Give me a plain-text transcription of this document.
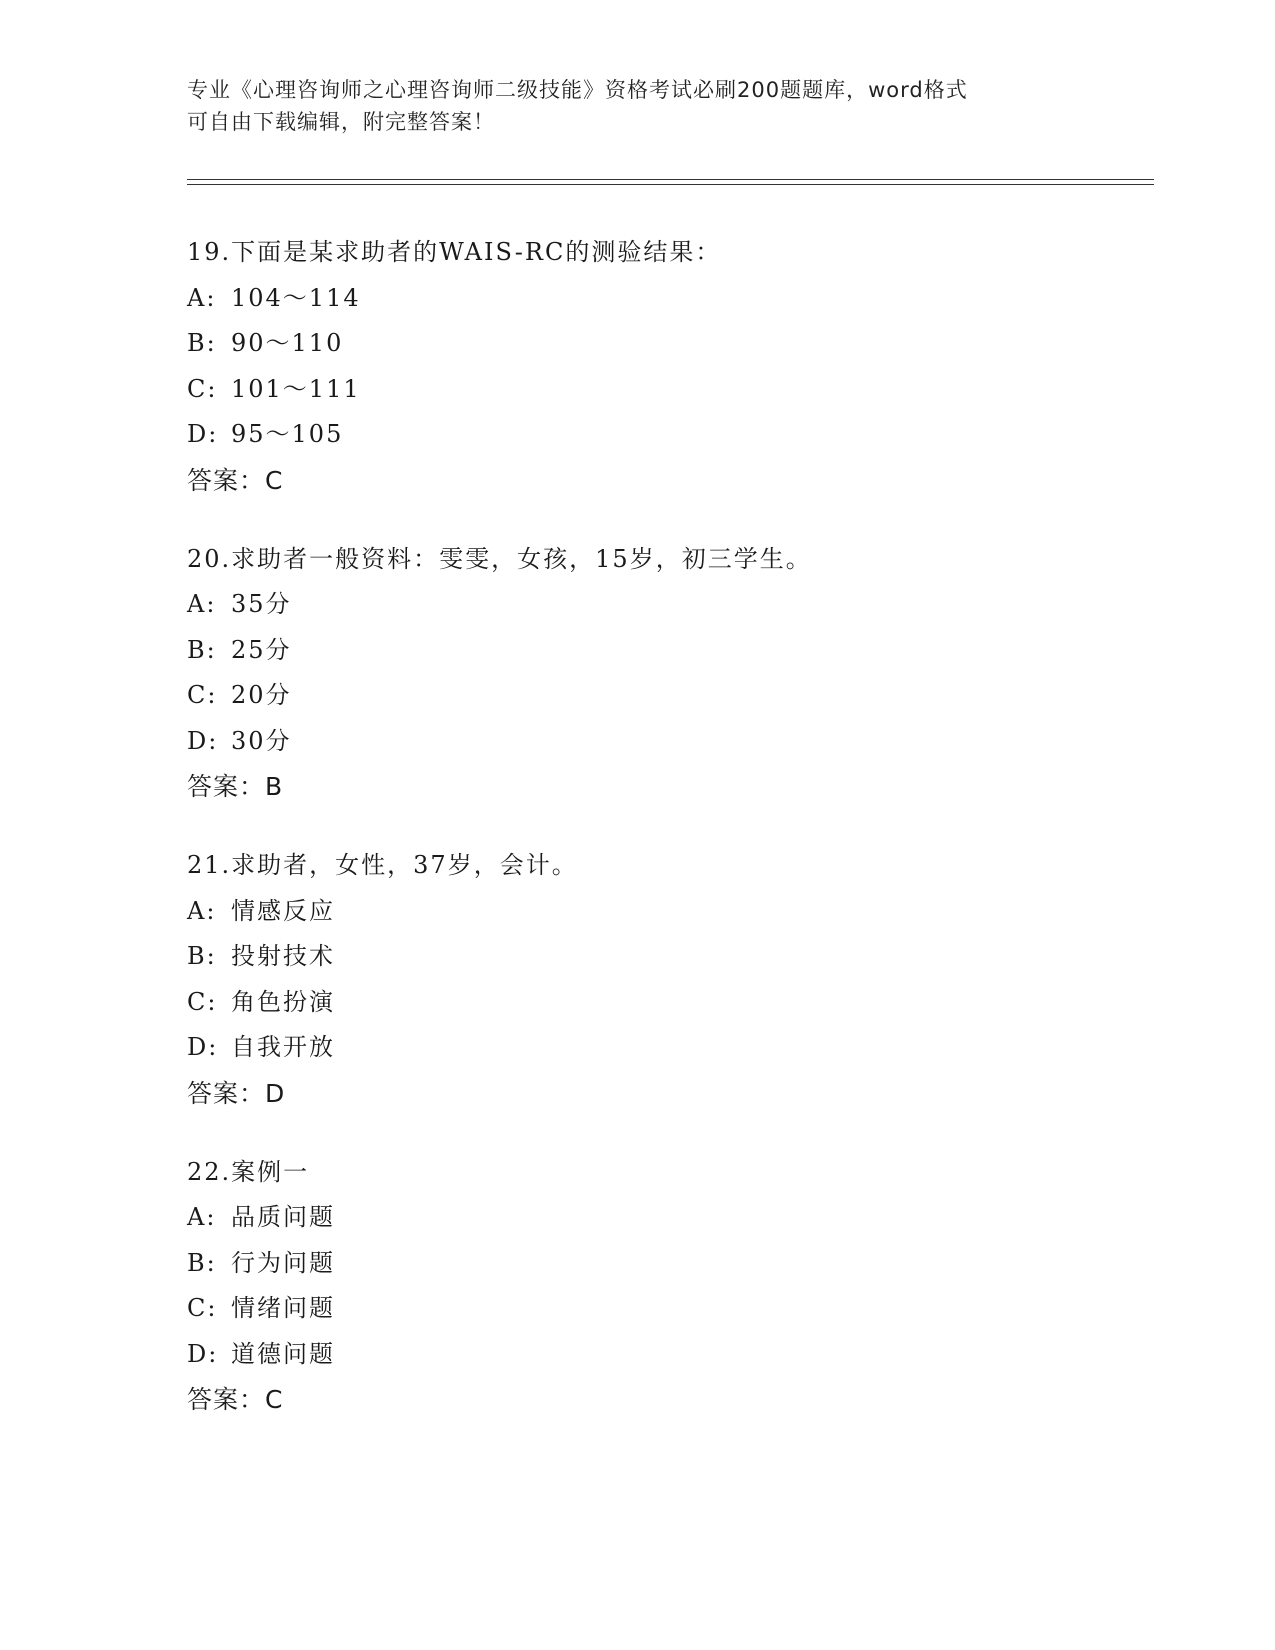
专业《心理咨询师之心理咨询师二级技能》资格考试必刷200题题库，word格式
可自由下载编辑，附完整答案！
19.下面是某求助者的WAIS-RC的测验结果：
A: 104～114
B: 90～110
C: 101～111
D: 95～105
答案：C
20.求助者一般资料：雯雯，女孩，15岁，初三学生。
A: 35分
B: 25分
C: 20分
D: 30分
答案：B
21.求助者，女性，37岁，会计。
A: 情感反应
B: 投射技术
C: 角色扮演
D: 自我开放
答案：D
22.案例一
A: 品质问题
B: 行为问题
C: 情绪问题
D: 道德问题
答案：C
